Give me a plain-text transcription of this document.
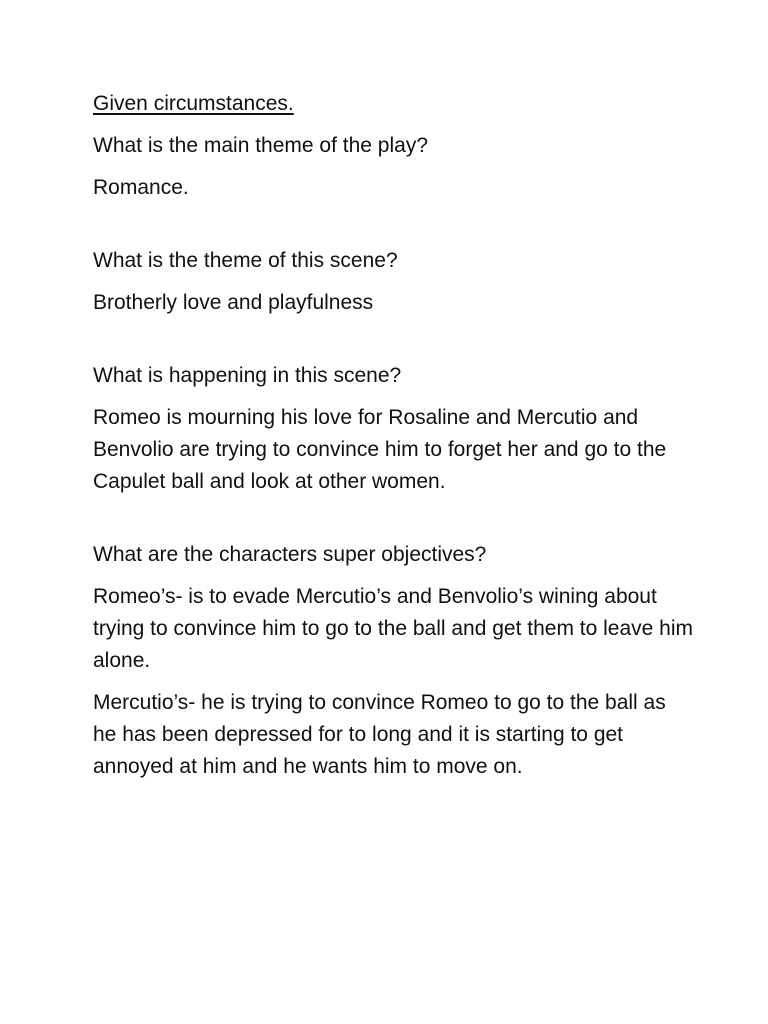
Given circumstances.

What is the main theme of the play?

Romance.

What is the theme of this scene?

Brotherly love and playfulness

What is happening in this scene?

Romeo is mourning his love for Rosaline and Mercutio and Benvolio are trying to convince him to forget her and go to the Capulet ball and look at other women.

What are the characters super objectives?

Romeo’s- is to evade Mercutio’s and Benvolio’s wining about trying to convince him to go to the ball and get them to leave him alone.

Mercutio’s- he is trying to convince Romeo to go to the ball as he has been depressed for to long and it is starting to get annoyed at him and he wants him to move on.
